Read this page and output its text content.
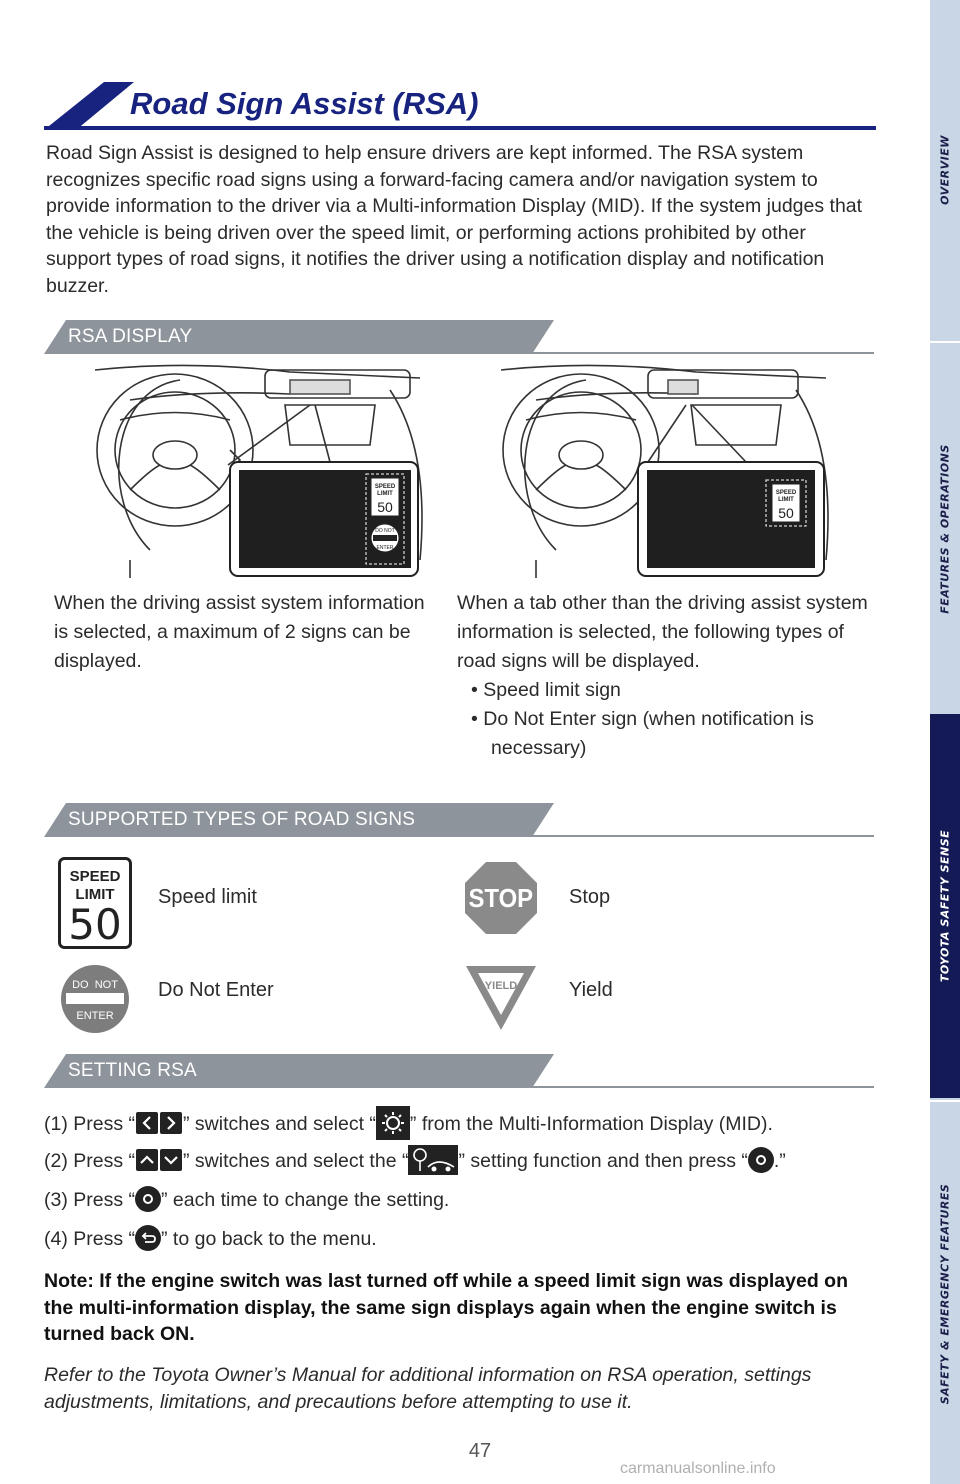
OVERVIEW
FEATURES & OPERATIONS
TOYOTA SAFETY SENSE
SAFETY & EMERGENCY FEATURES
Road Sign Assist (RSA)
Road Sign Assist is designed to help ensure drivers are kept informed. The RSA system recognizes specific road signs using a forward-facing camera and/or navigation system to provide information to the driver via a Multi-information Display (MID). If the system judges that the vehicle is being driven over the speed limit, or performing actions prohibited by other support types of road signs, it notifies the driver using a notification display and notification buzzer.
RSA DISPLAY
SPEED
LIMIT
50
DO NOT
ENTER
SPEED
LIMIT
50
When the driving assist system information is selected, a maximum of 2 signs can be displayed.
When a tab other than the driving assist system information is selected, the following types of road signs will be displayed.
• Speed limit sign
• Do Not Enter sign (when notification is necessary)
SUPPORTED TYPES OF ROAD SIGNS
SPEED
LIMIT
50
Speed limit	STOP Stop
DO  NOT
ENTER
Do Not Enter	YIELD	Yield
SETTING RSA
(1) Press “ ” switches and select “ ” from the Multi-Information Display (MID).
(2) Press “ ” switches and select the “	” setting function and then press “ .”
(3) Press “ ” each time to change the setting.
(4) Press “ ” to go back to the menu.
Note: If the engine switch was last turned off while a speed limit sign was displayed on the multi-information display, the same sign displays again when the engine switch is turned back ON.
Refer to the Toyota Owner’s Manual for additional information on RSA operation, settings adjustments, limitations, and precautions before attempting to use it.
47
carmanualsonline.info
